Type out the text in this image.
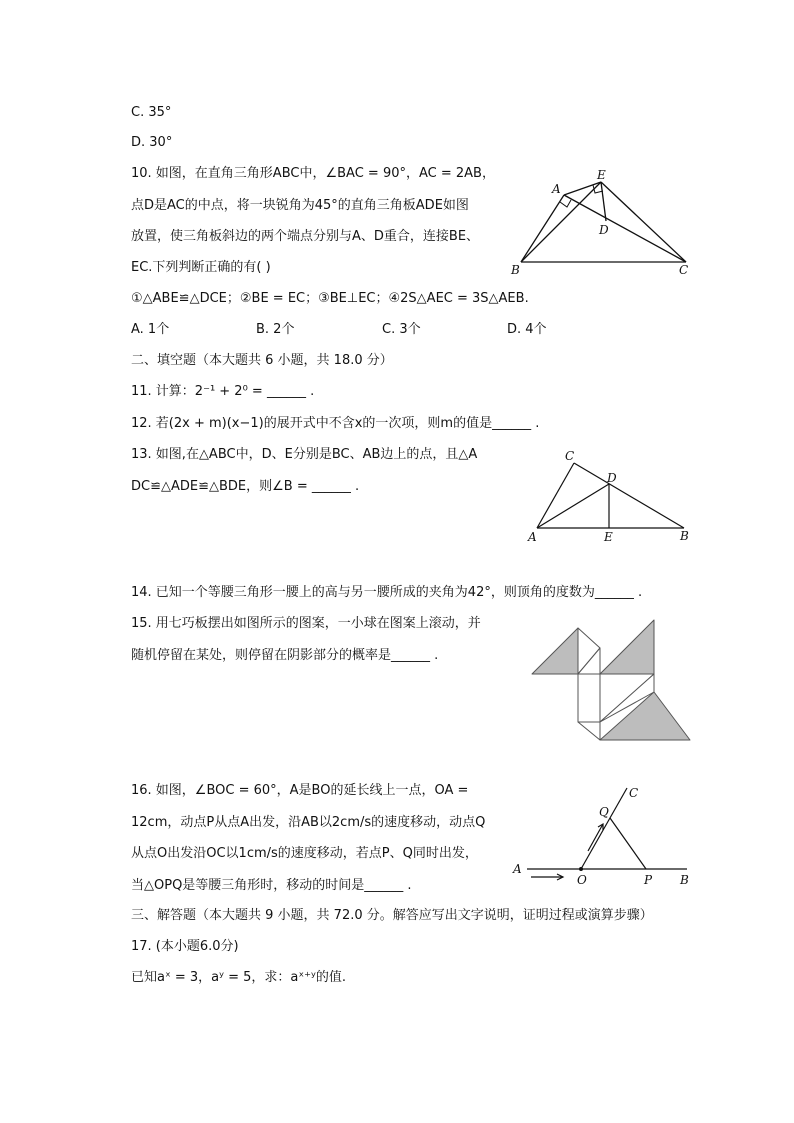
C. 35°
D. 30°
10. 如图，在直角三角形ABC中，∠BAC = 90°，AC = 2AB，
点D是AC的中点，将一块锐角为45°的直角三角板ADE如图
放置，使三角板斜边的两个端点分别与A、D重合，连接BE、
EC.下列判断正确的有( )
①△ABE≌△DCE；②BE = EC；③BE⊥EC；④2S△AEC = 3S△AEB.
A. 1个	B. 2个	C. 3个	D. 4个
A
E
D
B	C
二、填空题（本大题共 6 小题，共 18.0 分）
11. 计算：2⁻¹ + 2⁰ = ______ .
12. 若(2x + m)(x−1)的展开式中不含x的一次项，则m的值是______ .
13. 如图,在△ABC中，D、E分别是BC、AB边上的点，且△A
DC≌△ADE≌△BDE，则∠B = ______ .
C
D
A	E	B
14. 已知一个等腰三角形一腰上的高与另一腰所成的夹角为42°，则顶角的度数为______ .
15. 用七巧板摆出如图所示的图案，一小球在图案上滚动，并
随机停留在某处，则停留在阴影部分的概率是______ .
16. 如图，∠BOC = 60°，A是BO的延长线上一点，OA =
12cm，动点P从点A出发，沿AB以2cm/s的速度移动，动点Q
从点O出发沿OC以1cm/s的速度移动，若点P、Q同时出发，
当△OPQ是等腰三角形时，移动的时间是______ .
A
O	P B
Q
C
三、解答题（本大题共 9 小题，共 72.0 分。解答应写出文字说明，证明过程或演算步骤）
17. (本小题6.0分)
已知aˣ = 3，aʸ = 5，求：aˣ⁺ʸ的值.
